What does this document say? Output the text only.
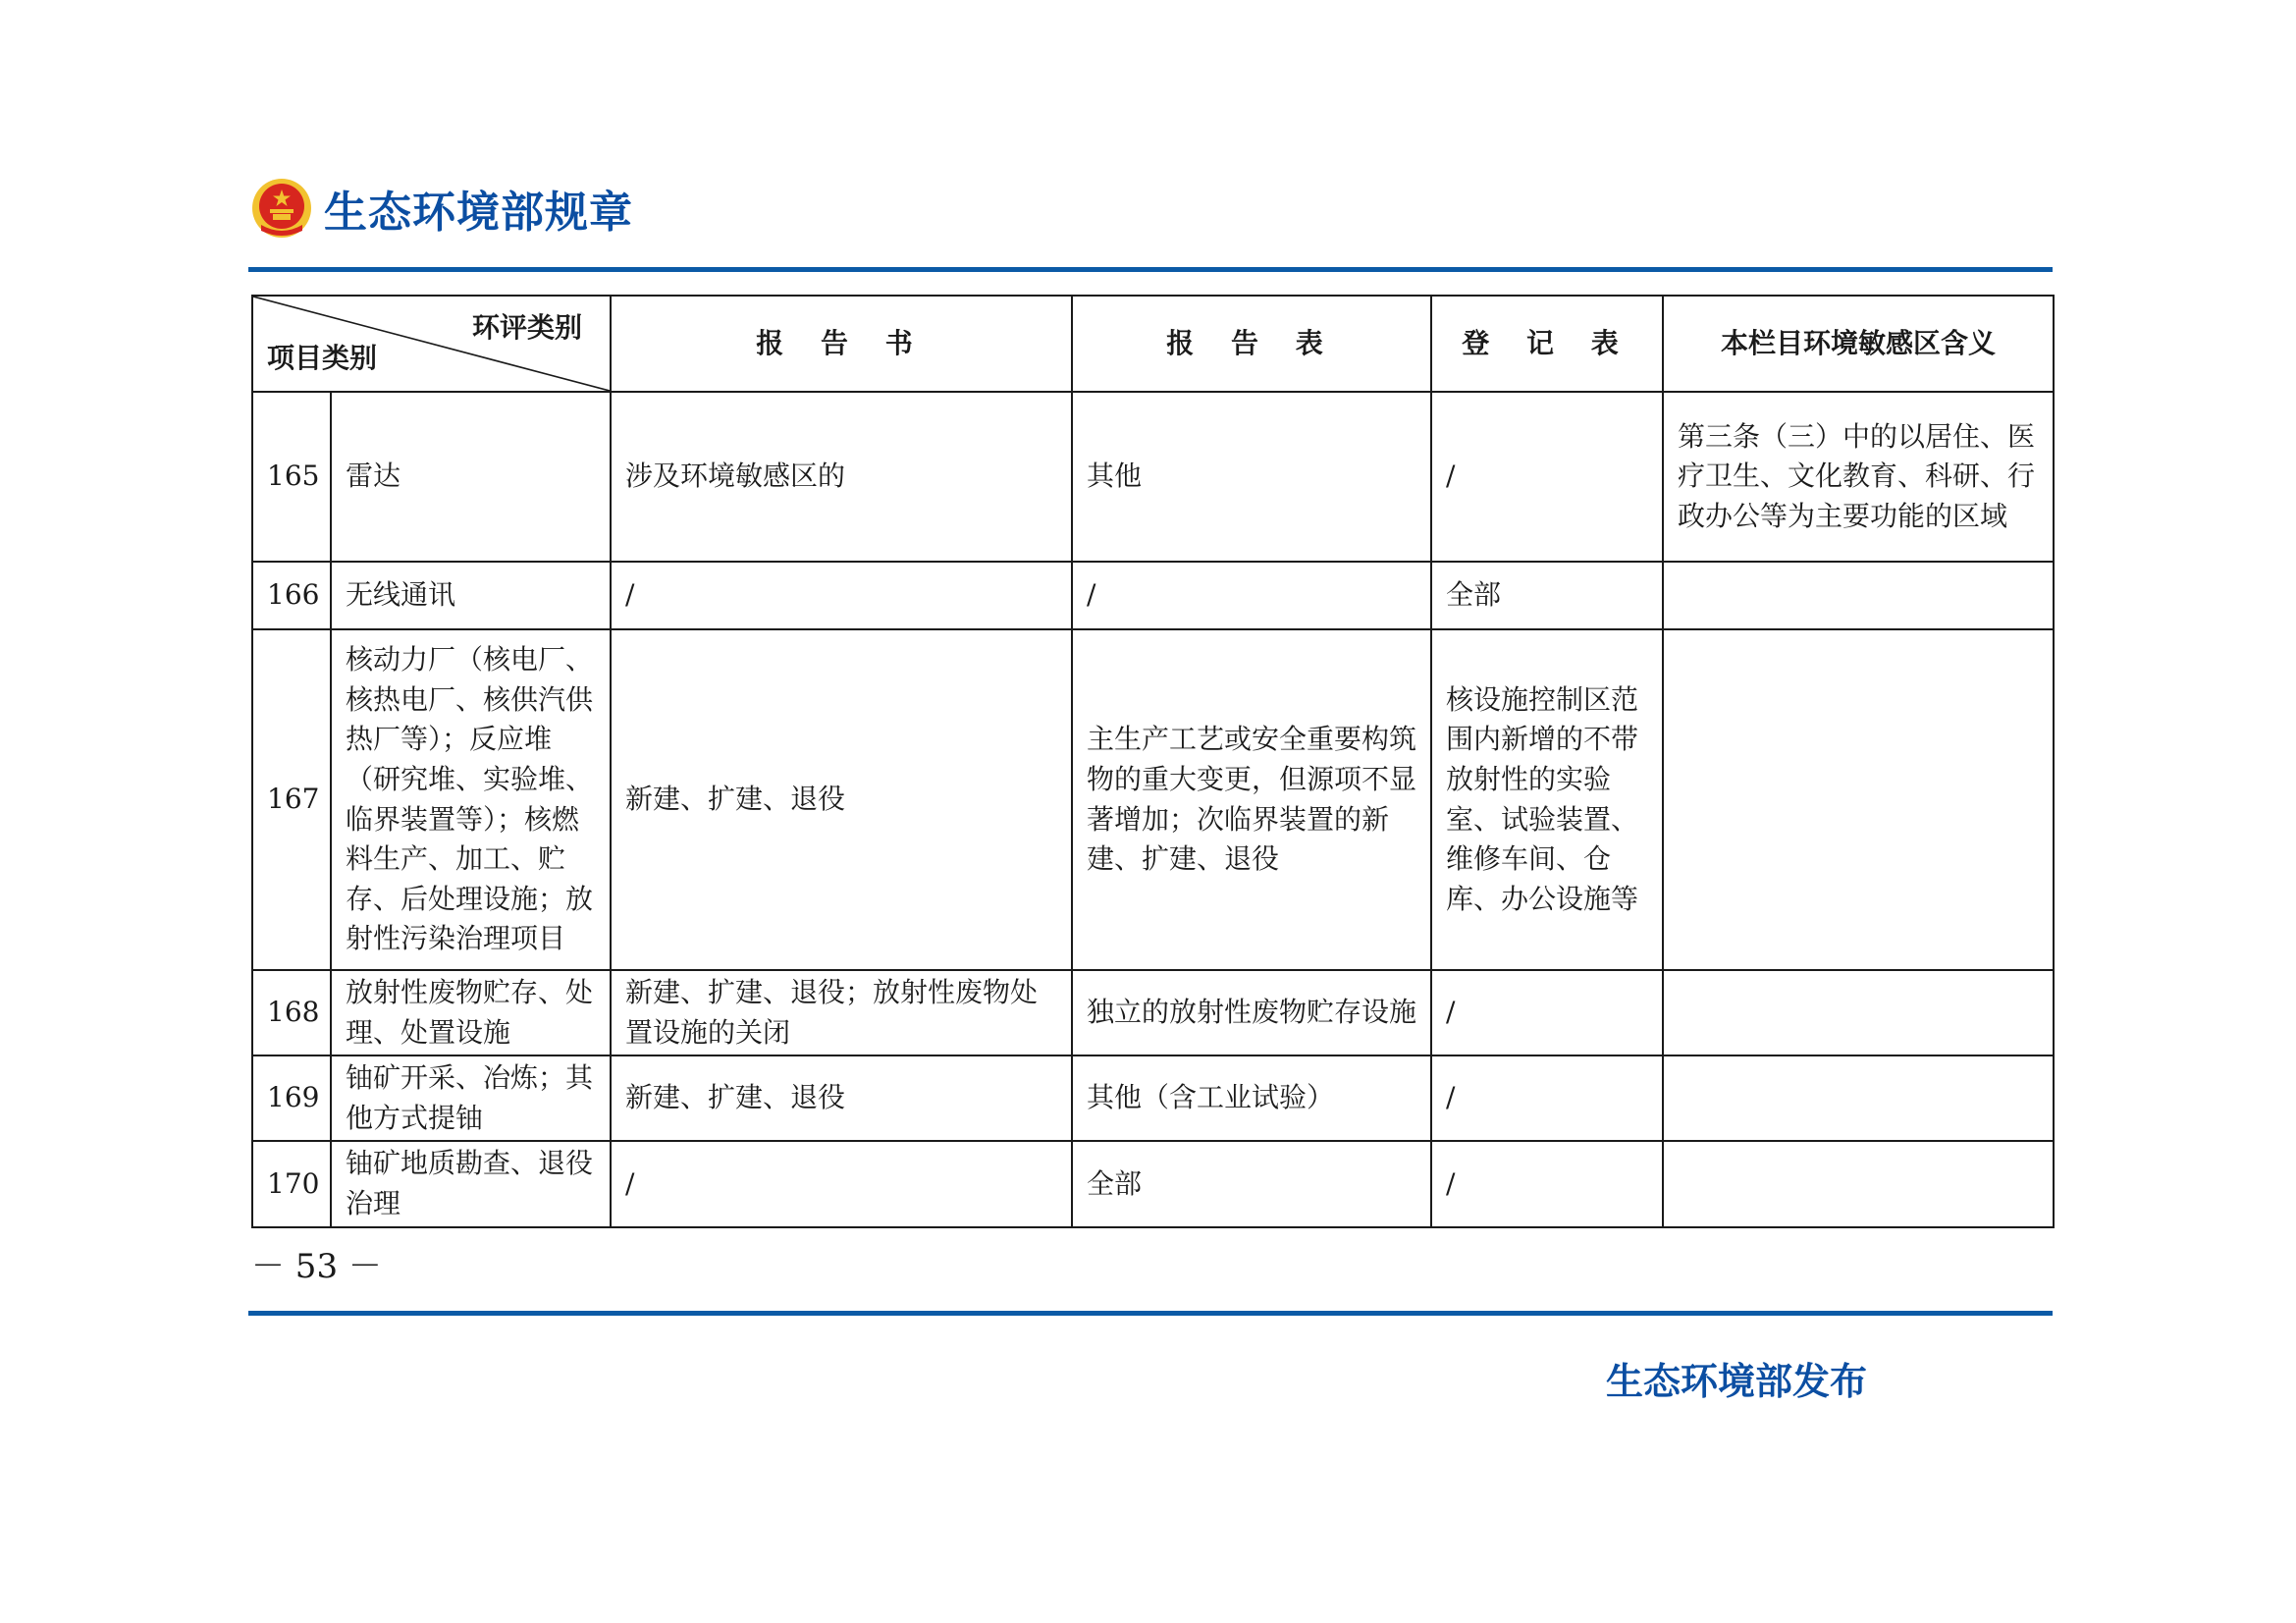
生态环境部规章
环评类别
项目类别		报 告 书	报 告 表	登 记 表	本栏目环境敏感区含义
165	雷达	涉及环境敏感区的	其他	/	第三条（三）中的以居住、医疗卫生、文化教育、科研、行政办公等为主要功能的区域
166	无线通讯	/	/	全部	
167	核动力厂（核电厂、核热电厂、核供汽供热厂等）；反应堆（研究堆、实验堆、临界装置等）；核燃料生产、加工、贮存、后处理设施；放射性污染治理项目	新建、扩建、退役	主生产工艺或安全重要构筑物的重大变更，但源项不显著增加；次临界装置的新建、扩建、退役	核设施控制区范围内新增的不带放射性的实验室、试验装置、维修车间、仓库、办公设施等	
168	放射性废物贮存、处理、处置设施	新建、扩建、退役；放射性废物处置设施的关闭	独立的放射性废物贮存设施	/	
169	铀矿开采、冶炼；其他方式提铀	新建、扩建、退役	其他（含工业试验）	/	
170	铀矿地质勘查、退役治理	/	全部	/	
－ 53 －
生态环境部发布
